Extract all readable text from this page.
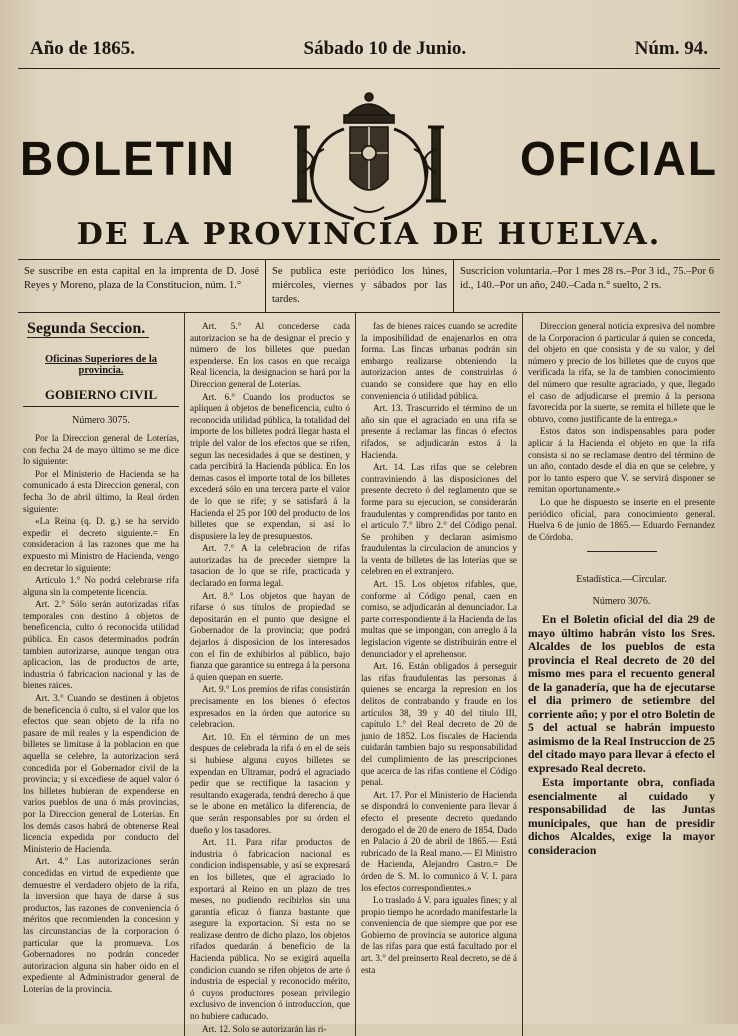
Año de 1865.	Sábado 10 de Junio.	Núm. 94.
BOLETIN	OFICIAL
DE LA PROVINCIA DE HUELVA.
Se suscribe en esta capital en la imprenta de D. José Reyes y Moreno, plaza de la Constitucion, núm. 1.°
Se publica este periódico los lúnes, miércoles, viernes y sábados por las tardes.
Suscricion voluntaria.–Por 1 mes 28 rs.–Por 3 id., 75.–Por 6 id., 140.–Por un año, 240.–Cada n.° suelto, 2 rs.
Segunda Seccion.
Oficinas Superiores de la provincia.
GOBIERNO CIVIL
Número 3075.

Por la Direccion general de Loterías, con fecha 24 de mayo último se me dice lo siguiente:

Por el Ministerio de Hacienda se ha comunicado á esta Direccion general, con fecha 3o de abril último, la Real órden siguiente:

«La Reina (q. D. g.) se ha servido expedir el decreto siguiente.= En consideracion á las razones que me ha expuesto mi Ministro de Hacienda, vengo en decretar lo siguiente:

Artículo 1.° No podrá celebrarse rifa alguna sin la competente licencia.

Art. 2.° Sólo serán autorizadas rifas temporales con destino á objetos de beneficencia, culto ó reconocida utilidad pública. En casos determinados podrán tambien autorizarse, aunque tengan otra aplicacion, las de productos de arte, industria ó fabricacion nacional y las de bienes raices.

Art. 3.° Cuando se destinen á objetos de beneficencia ó culto, si el valor que los efectos que sean objeto de la rifa no pasare de mil reales y la espendicion de billetes se limitase á la poblacion en que aquella se celebre, la autorizacion será concedida por el Gobernador civil de la provincia; y si excediese de aquel valor ó los billetes hubieran de expenderse en varios pueblos de una ó más provincias, por la Direccion general de Loterías. En los demás casos habrá de obtenerse Real licencia expedida por conducto del Ministerio de Hacienda.

Art. 4.° Las autorizaciones serán concedidas en virtud de expediente que demuestre el verdadero objeto de la rifa, la inversion que haya de darse á sus productos, las razones de conveniencia ó méritos que recomienden la concesion y las circunstancias de la corporacion ó particular que la promueva. Los Gobernadores no podrán conceder autorizacion alguna sin haber oido en el expediente al Administrador general de Loterías de la provincia.

Art. 5.° Al concederse cada autorizacion se ha de designar el precio y número de los billetes que puedan expenderse. En los casos en que recaiga Real licencia, la designacion se hará por la Direccion general de Loterías.

Art. 6.° Cuando los productos se apliquen á objetos de beneficencia, culto ó reconocida utilidad pública, la totalidad del importe de los billetes podrá llegar hasta el triple del valor de los efectos que se rifen, segun las necesidades á que se destinen, y cada percibirá la Hacienda pública. En los demas casos el importe total de los billetes excederá sólo en una tercera parte el valor de lo que se rife; y se satisfará á la Hacienda el 25 por 100 del producto de los billetes que se expendan, si así lo dispusiere la ley de presupuestos.

Art. 7.° A la celebracion de rifas autorizadas ha de preceder siempre la tasacion de lo que se rife, practicada y declarado en forma legal.

Art. 8.° Los objetos que hayan de rifarse ó sus títulos de propiedad se depositarán en el punto que designe el Gobernador de la provincia; que podrá dejarlos á disposicion de los interesados con el fin de exhibirlos al público, bajo fianza que garantice su entrega á la persona á quien quepan en suerte.

Art. 9.° Los premios de rifas consistirán precisamente en los bienes ó efectos expresados en la órden que autorice su celebracion.

Art. 10. En el término de un mes despues de celebrada la rifa ó en el de seis si hubiese alguna cuyos billetes se expendan en Ultramar, podrá el agraciado pedir que se rectifique la tasacion y resultando exagerada, tendrá derecho á que se le abone en metálico la diferencia, de que serán responsables por su órden el dueño y los tasadores.

Art. 11. Para rifar productos de industria ó fabricacion nacional es condicion indispensable, y así se expresará en los billetes, que el agraciado lo exportará al Reino en un plazo de tres meses, no pudiendo recibirlos sin una garantía eficaz ó fianza bastante que asegure la exportacion. Si esta no se realizase dentro de dicho plazo, los objetos rifados quedarán á beneficio de la Hacienda pública. No se exigirá aquella condicion cuando se rifen objetos de arte ó industria de especial y reconocido mérito, ó cuyos productores posean privilegio exclusivo de invencion ó introduccion, que no hubiere caducado.

Art. 12. Solo se autorizarán las ri-

fas de bienes raices cuando se acredite la imposibilidad de enajenarlos en otra forma. Las fincas urbanas podrán sin embargo realizarse obteniendo la autorizacion antes de construirlas ó cuando se considere que hay en ello conveniencia ó utilidad pública.

Art. 13. Trascurrido el término de un año sin que el agraciado en una rifa se presente á reclamar las fincas ó efectos rifados, se adjudicarán estos á la Hacienda.

Art. 14. Las rifas que se celebren contraviniendo á las disposiciones del presente decreto ó del reglamento que se forme para su ejecucion, se considerarán fraudulentas y comprendidas por tanto en el artículo 7.° libro 2.° del Código penal. Se prohiben y declaran asimismo fraudulentas la circulacion de anuncios y la venta de billetes de las loterías que se celebren en el extranjero.

Art. 15. Los objetos rifables, que, conforme al Código penal, caen en comiso, se adjudicarán al denunciador. La parte correspondiente á la Hacienda de las multas que se impongan, con arreglo á la legislacion vigente se distribuirán entre el denunciador y el aprehensor.

Art. 16. Están obligados á perseguir las rifas fraudulentas las personas á quienes se encarga la represion en los delitos de contrabando y fraude en los artículos 38, 39 y 40 del título III, capítulo 1.° del Real decreto de 20 de junio de 1852. Los fiscales de Hacienda cuidarán tambien bajo su responsabilidad del cumplimiento de las prescripciones que acerca de las rifas contiene el Código penal.

Art. 17. Por el Ministerio de Hacienda se dispondrá lo conveniente para llevar á efecto el presente decreto quedando derogado el de 20 de enero de 1854. Dado en Palacio á 20 de abril de 1865.— Está rubricado de la Real mano.— El Ministro de Hacienda, Alejandro Castro.= De órden de S. M. lo comunico á V. I. para los efectos correspondientes.»

Lo traslado á V. para iguales fines; y al propio tiempo he acordado manifestarle la conveniencia de que siempre que por ese Gobierno de provincia se autorice alguna de las rifas para que está facultado por el art. 3.° del preinserto Real decreto, se dé á esta

Direccion general noticia expresiva del nombre de la Corporacion ó particular á quien se conceda, del objeto en que consista y de su valor, y del número y precio de los billetes que de cuyos que verificada la rifa, se la de tambien conocimiento del número que resulte agraciado, y que, llegado el caso de adjudicarse el premio á la persona favorecida por la suerte, se remita el billete que le obtuvo, como justificante de la entrega.»

Estos datos son indispensables para poder aplicar á la Hacienda el objeto en que la rifa consista si no se reclamase dentro del término de un año, contado desde el dia en que se celebre, y por lo tanto espero que V. se servirá disponer se remitan oportunamente.»

Lo que he dispuesto se inserte en el presente periódico oficial, para conocimiento general. Huelva 6 de junio de 1865.— Eduardo Fernandez de Córdoba.

Estadística.—Circular.
Número 3076.

En el Boletin oficial del dia 29 de mayo último habrán visto los Sres. Alcaldes de los pueblos de esta provincia el Real decreto de 20 del mismo mes para el recuento general de la ganadería, que ha de ejecutarse el dia primero de setiembre del corriente año; y por el otro Boletin de 5 del actual se habrán impuesto asimismo de la Real Instruccion de 25 del citado mayo para llevar á efecto el expresado Real decreto.

Esta importante obra, confiada esencialmente al cuidado y responsabilidad de las Juntas municipales, que han de presidir dichos Alcaldes, exige la mayor consideracion
